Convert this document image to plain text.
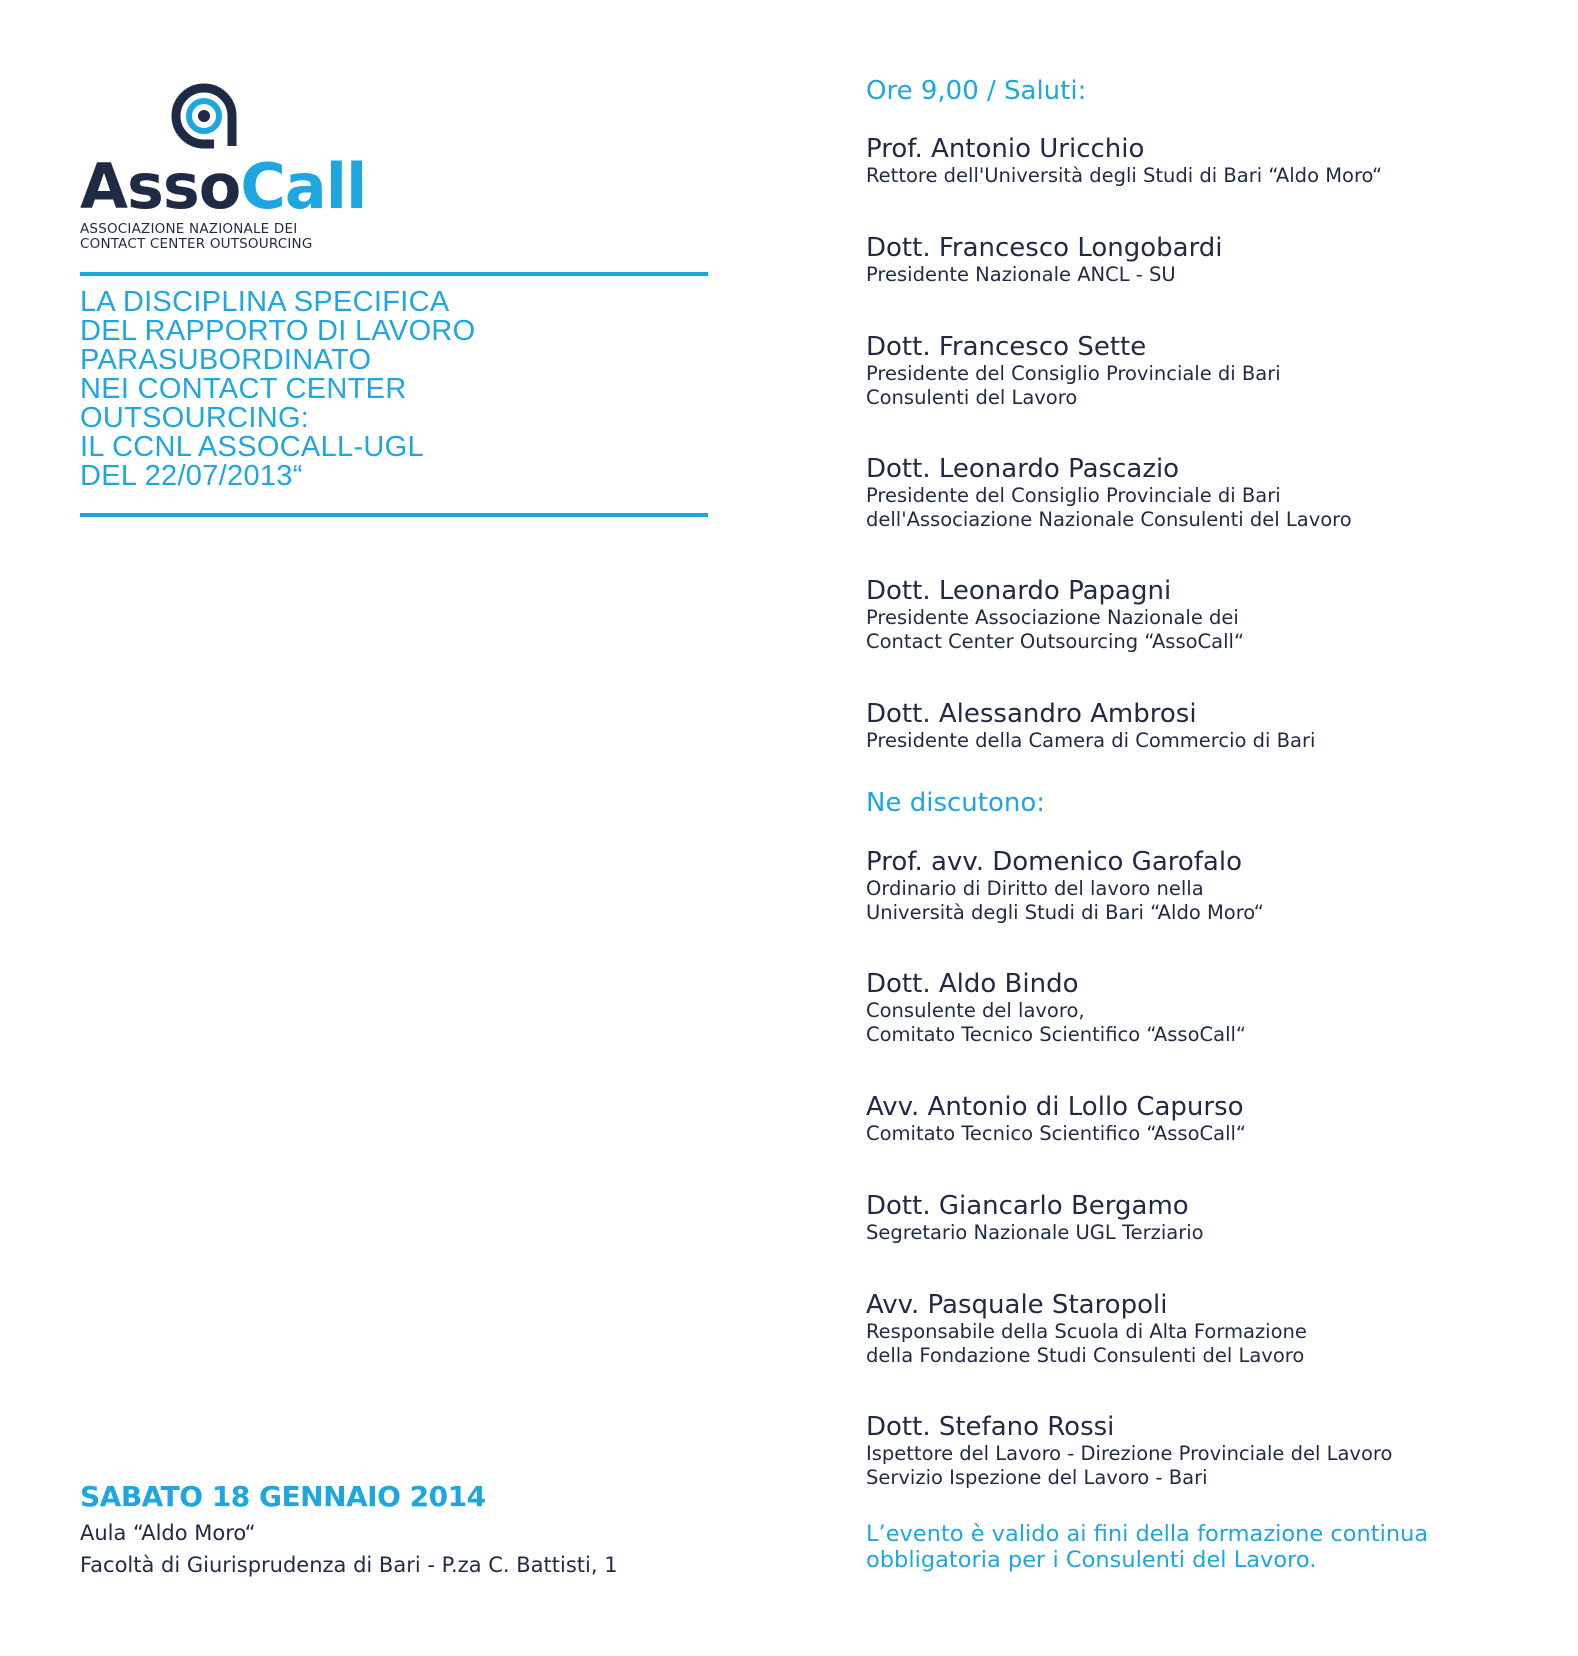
AssoCall
ASSOCIAZIONE NAZIONALE DEI
CONTACT CENTER OUTSOURCING
LA DISCIPLINA SPECIFICA
DEL RAPPORTO DI LAVORO
PARASUBORDINATO
NEI CONTACT CENTER
OUTSOURCING:
IL CCNL ASSOCALL-UGL
DEL 22/07/2013“
SABATO 18 GENNAIO 2014
Aula “Aldo Moro“
Facoltà di Giurisprudenza di Bari - P.za C. Battisti, 1
Ore 9,00 / Saluti:
Prof. Antonio Uricchio
Rettore dell'Università degli Studi di Bari “Aldo Moro“
Dott. Francesco Longobardi
Presidente Nazionale ANCL - SU
Dott. Francesco Sette
Presidente del Consiglio Provinciale di Bari
Consulenti del Lavoro
Dott. Leonardo Pascazio
Presidente del Consiglio Provinciale di Bari
dell'Associazione Nazionale Consulenti del Lavoro
Dott. Leonardo Papagni
Presidente Associazione Nazionale dei
Contact Center Outsourcing “AssoCall“
Dott. Alessandro Ambrosi
Presidente della Camera di Commercio di Bari
Ne discutono:
Prof. avv. Domenico Garofalo
Ordinario di Diritto del lavoro nella
Università degli Studi di Bari “Aldo Moro“
Dott. Aldo Bindo
Consulente del lavoro,
Comitato Tecnico Scientifico “AssoCall“
Avv. Antonio di Lollo Capurso
Comitato Tecnico Scientifico “AssoCall“
Dott. Giancarlo Bergamo
Segretario Nazionale UGL Terziario
Avv. Pasquale Staropoli
Responsabile della Scuola di Alta Formazione
della Fondazione Studi Consulenti del Lavoro
Dott. Stefano Rossi
Ispettore del Lavoro - Direzione Provinciale del Lavoro
Servizio Ispezione del Lavoro - Bari
L’evento è valido ai fini della formazione continua
obbligatoria per i Consulenti del Lavoro.
